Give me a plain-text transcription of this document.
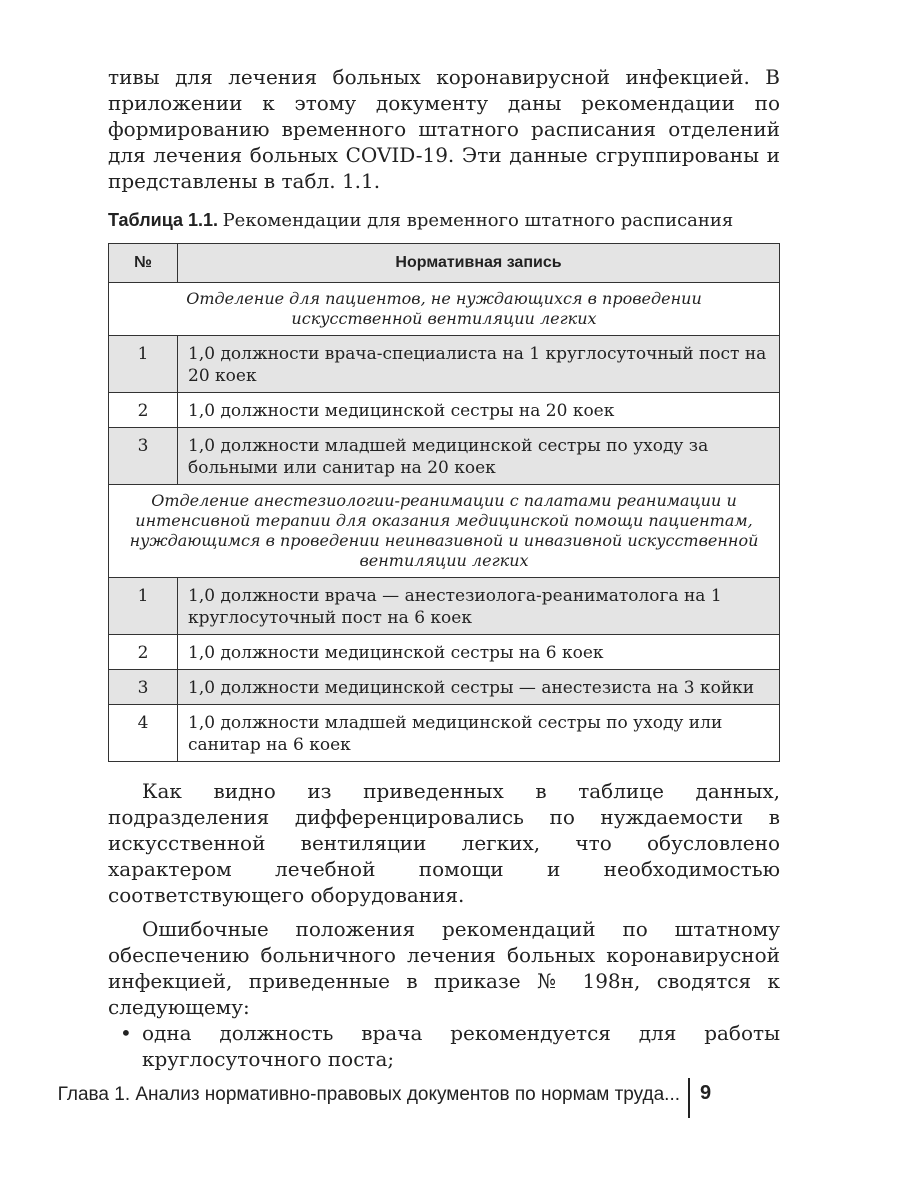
тивы для лечения больных коронавирусной инфекцией. В приложении к этому документу даны рекомендации по формированию временного штатного расписания отделений для лечения больных COVID-19. Эти данные сгруппированы и представлены в табл. 1.1.

Таблица 1.1. Рекомендации для временного штатного расписания
№	Нормативная запись
Отделение для пациентов, не нуждающихся в проведении искусственной вентиляции легких	
1	1,0 должности врача-специалиста на 1 круглосуточный пост на 20 коек
2	1,0 должности медицинской сестры на 20 коек
3	1,0 должности младшей медицинской сестры по уходу за больными или санитар на 20 коек
Отделение анестезиологии-реанимации с палатами реанимации и интенсивной терапии для оказания медицинской помощи пациентам, нуждающимся в проведении неинвазивной и инвазивной искусственной вентиляции легких	
1	1,0 должности врача — анестезиолога-реаниматолога на 1 круглосуточный пост на 6 коек
2	1,0 должности медицинской сестры на 6 коек
3	1,0 должности медицинской сестры — анестезиста на 3 койки
4	1,0 должности младшей медицинской сестры по уходу или санитар на 6 коек

Как видно из приведенных в таблице данных, подразделения дифференцировались по нуждаемости в искусственной вентиляции легких, что обусловлено характером лечебной помощи и необходимостью соответствующего оборудования.

Ошибочные положения рекомендаций по штатному обеспечению больничного лечения больных коронавирусной инфекцией, приведенные в приказе № 198н, сводятся к следующему:

• одна должность врача рекомендуется для работы круглосуточного поста;
Глава 1. Анализ нормативно-правовых документов по нормам труда... 9
